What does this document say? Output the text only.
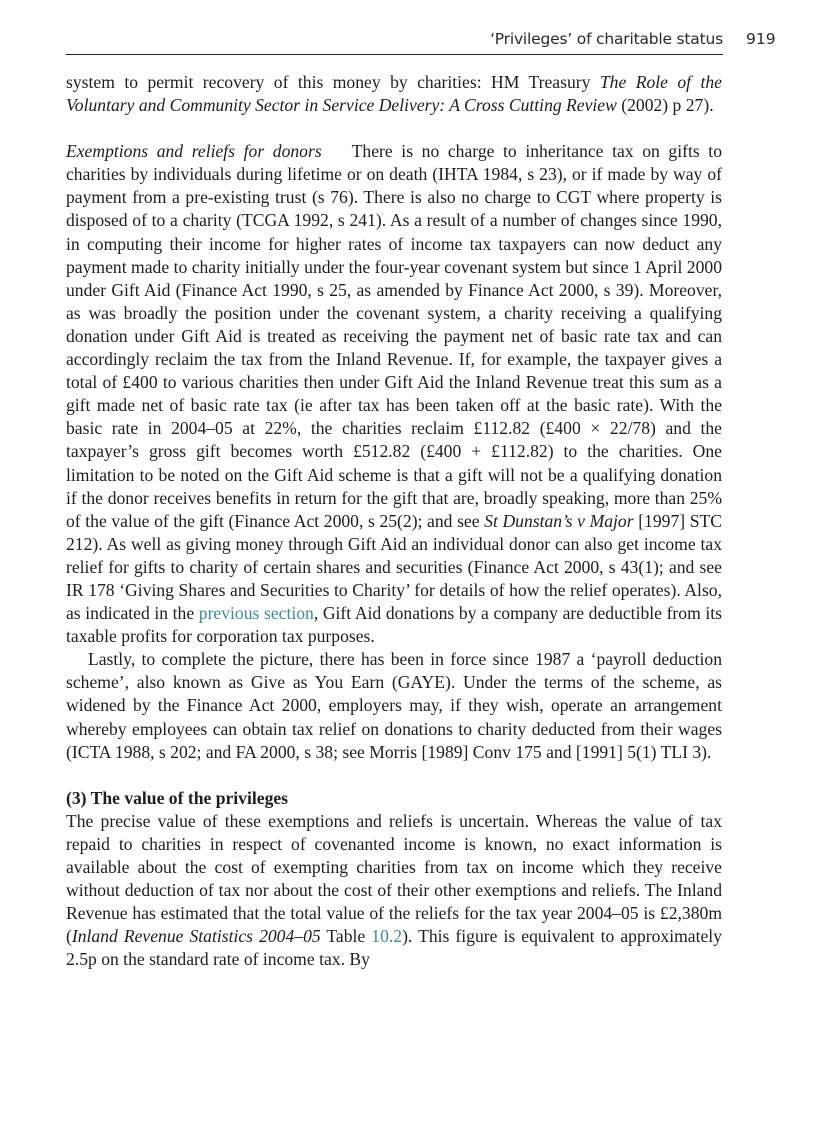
‘Privileges’ of charitable status 919

system to permit recovery of this money by charities: HM Treasury The Role of the Voluntary and Community Sector in Service Delivery: A Cross Cutting Review (2002) p 27).

Exemptions and reliefs for donors There is no charge to inheritance tax on gifts to charities by individuals during lifetime or on death (IHTA 1984, s 23), or if made by way of payment from a pre-existing trust (s 76). There is also no charge to CGT where property is disposed of to a charity (TCGA 1992, s 241). As a result of a number of changes since 1990, in computing their income for higher rates of income tax taxpayers can now deduct any payment made to charity initially under the four-year covenant system but since 1 April 2000 under Gift Aid (Finance Act 1990, s 25, as amended by Finance Act 2000, s 39). Moreover, as was broadly the position under the covenant system, a charity receiving a qualifying donation under Gift Aid is treated as receiving the payment net of basic rate tax and can accordingly reclaim the tax from the Inland Revenue. If, for example, the taxpayer gives a total of £400 to various charities then under Gift Aid the Inland Revenue treat this sum as a gift made net of basic rate tax (ie after tax has been taken off at the basic rate). With the basic rate in 2004–05 at 22%, the charities reclaim £112.82 (£400 × 22/78) and the taxpayer’s gross gift becomes worth £512.82 (£400 + £112.82) to the charities. One limitation to be noted on the Gift Aid scheme is that a gift will not be a qualifying donation if the donor receives benefits in return for the gift that are, broadly speaking, more than 25% of the value of the gift (Finance Act 2000, s 25(2); and see St Dunstan’s v Major [1997] STC 212). As well as giving money through Gift Aid an individual donor can also get income tax relief for gifts to charity of certain shares and securities (Finance Act 2000, s 43(1); and see IR 178 ‘Giving Shares and Securities to Charity’ for details of how the relief operates). Also, as indicated in the previous section, Gift Aid donations by a company are deductible from its taxable profits for corporation tax purposes.

Lastly, to complete the picture, there has been in force since 1987 a ‘payroll deduction scheme’, also known as Give as You Earn (GAYE). Under the terms of the scheme, as widened by the Finance Act 2000, employers may, if they wish, operate an arrangement whereby employees can obtain tax relief on donations to charity deducted from their wages (ICTA 1988, s 202; and FA 2000, s 38; see Morris [1989] Conv 175 and [1991] 5(1) TLI 3).

(3) The value of the privileges

The precise value of these exemptions and reliefs is uncertain. Whereas the value of tax repaid to charities in respect of covenanted income is known, no exact information is available about the cost of exempting charities from tax on income which they receive without deduction of tax nor about the cost of their other exemptions and reliefs. The Inland Revenue has estimated that the total value of the reliefs for the tax year 2004–05 is £2,380m (Inland Revenue Statistics 2004–05 Table 10.2). This figure is equivalent to approximately 2.5p on the standard rate of income tax. By
